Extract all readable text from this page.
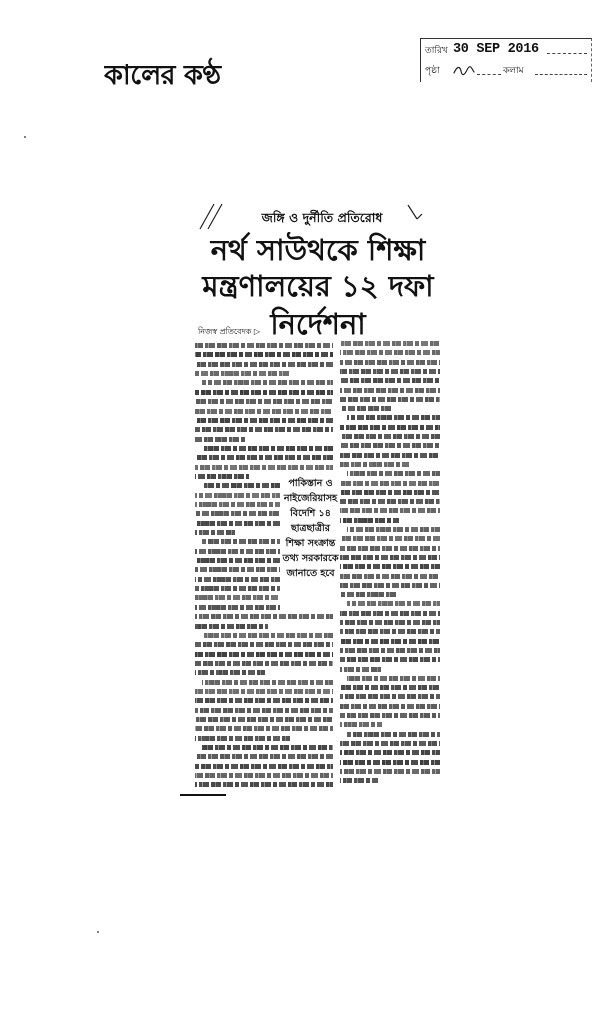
কালের কণ্ঠ
তারিখ 30 SEP 2016
পৃষ্ঠা	কলাম
জঙ্গি ও দুর্নীতি প্রতিরোধ
নর্থ সাউথকে শিক্ষা
মন্ত্রণালয়ের ১২ দফা
নির্দেশনা
নিজস্ব প্রতিবেদক ▷
পাকিস্তান ও
নাইজেরিয়াসহ
বিদেশি ১৪
ছাত্রছাত্রীর
শিক্ষা সংক্রান্ত
তথ্য সরকারকে
জানাতে হবে
